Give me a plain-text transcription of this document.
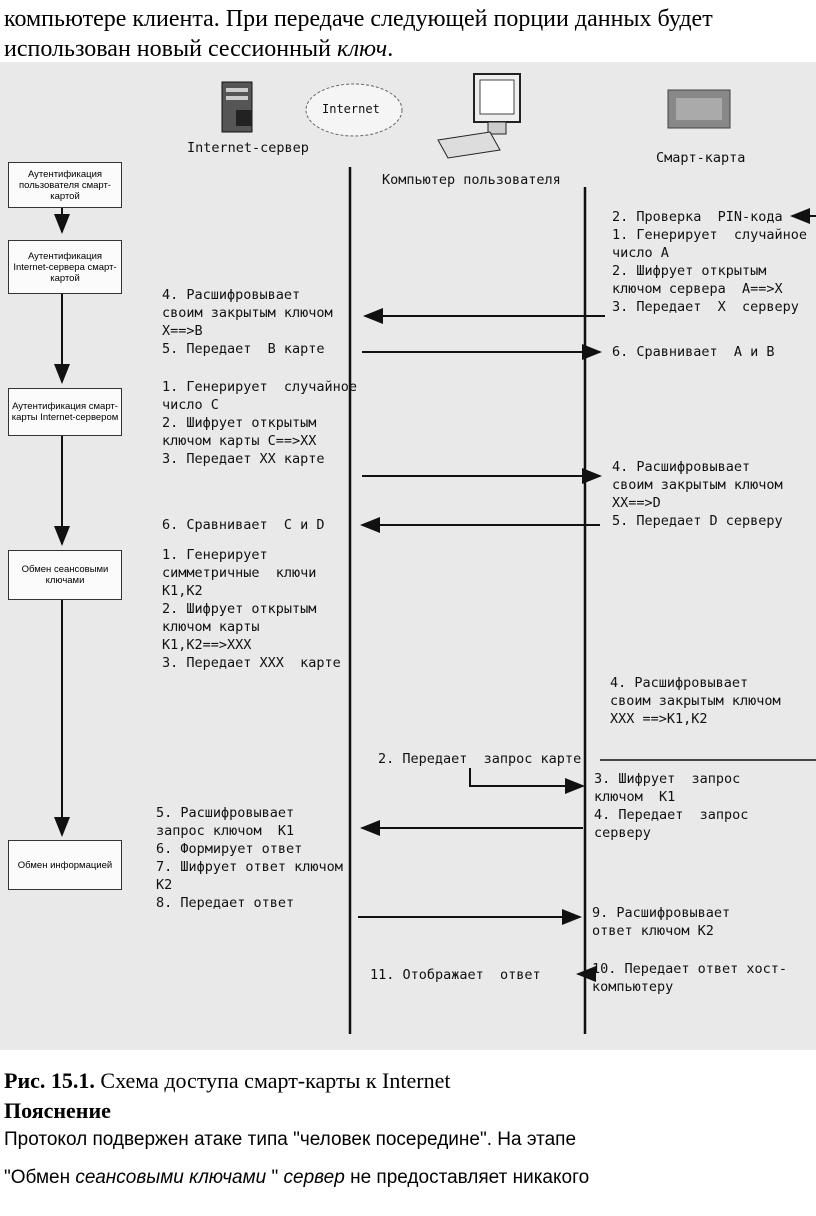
компьютере клиента. При передаче следующей порции данных будет
использован новый сессионный ключ.
Internet-сервер
Internet
Компьютер пользователя
Смарт-карта
Аутентификация пользователя смарт-картой
Аутентификация Internet-сервера смарт-картой
Аутентификация смарт-карты Internet-сервером
Обмен сеансовыми ключами
Обмен информацией
2. Проверка  PIN-кода
1. Генерирует  случайное
число A
2. Шифрует открытым
ключом сервера  A==>X
3. Передает  X  серверу
4. Расшифровывает
своим закрытым ключом
X==>B
5. Передает  B карте	6. Сравнивает  A и B
1. Генерирует  случайное
число C
2. Шифрует открытым
ключом карты C==>XX
3. Передает XX карте	4. Расшифровывает
своим закрытым ключом
XX==>D
5. Передает D серверу
6. Сравнивает  C и D
1. Генерирует
симметричные  ключи
K1,K2
2. Шифрует открытым
ключом карты
K1,K2==>XXX
3. Передает XXX  карте
4. Расшифровывает
своим закрытым ключом
XXX ==>K1,K2
2. Передает  запрос карте
3. Шифрует  запрос
ключом  K1
4. Передает  запрос
серверу
5. Расшифровывает
запрос ключом  K1
6. Формирует ответ
7. Шифрует ответ ключом
K2
8. Передает ответ
9. Расшифровывает
ответ ключом K2
11. Отображает  ответ	10. Передает ответ хост-
компьютеру
Рис. 15.1. Схема доступа смарт-карты к Internet
Пояснение
Протокол подвержен атаке типа "человек посередине". На этапе
"Обмен сеансовыми ключами " сервер не предоставляет никакого
